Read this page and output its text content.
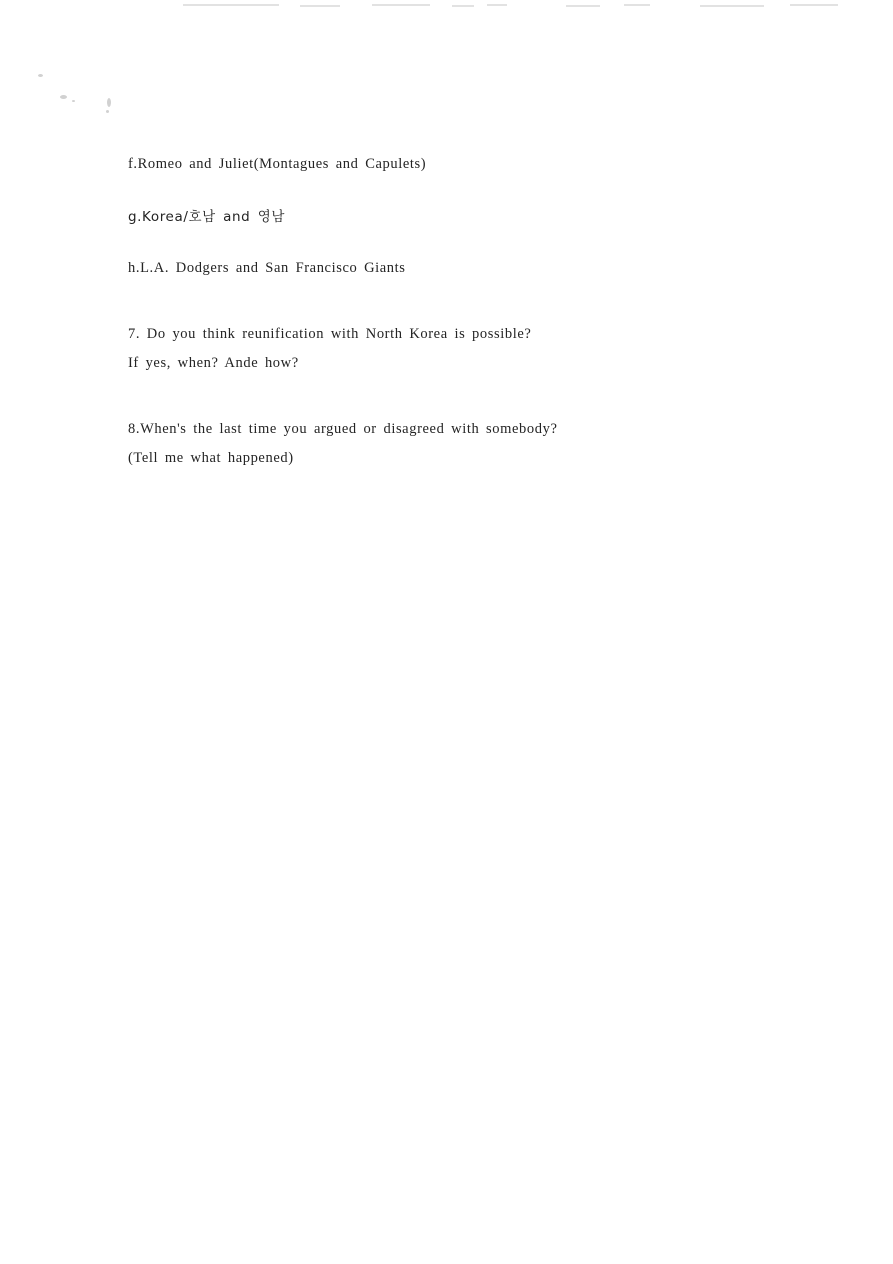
f.Romeo and Juliet(Montagues and Capulets)
g.Korea/호남 and 영남
h.L.A. Dodgers and San Francisco Giants
7. Do you think reunification with North Korea is possible?
If yes, when? Ande how?
8.When's the last time you argued or disagreed with somebody?
(Tell me what happened)
